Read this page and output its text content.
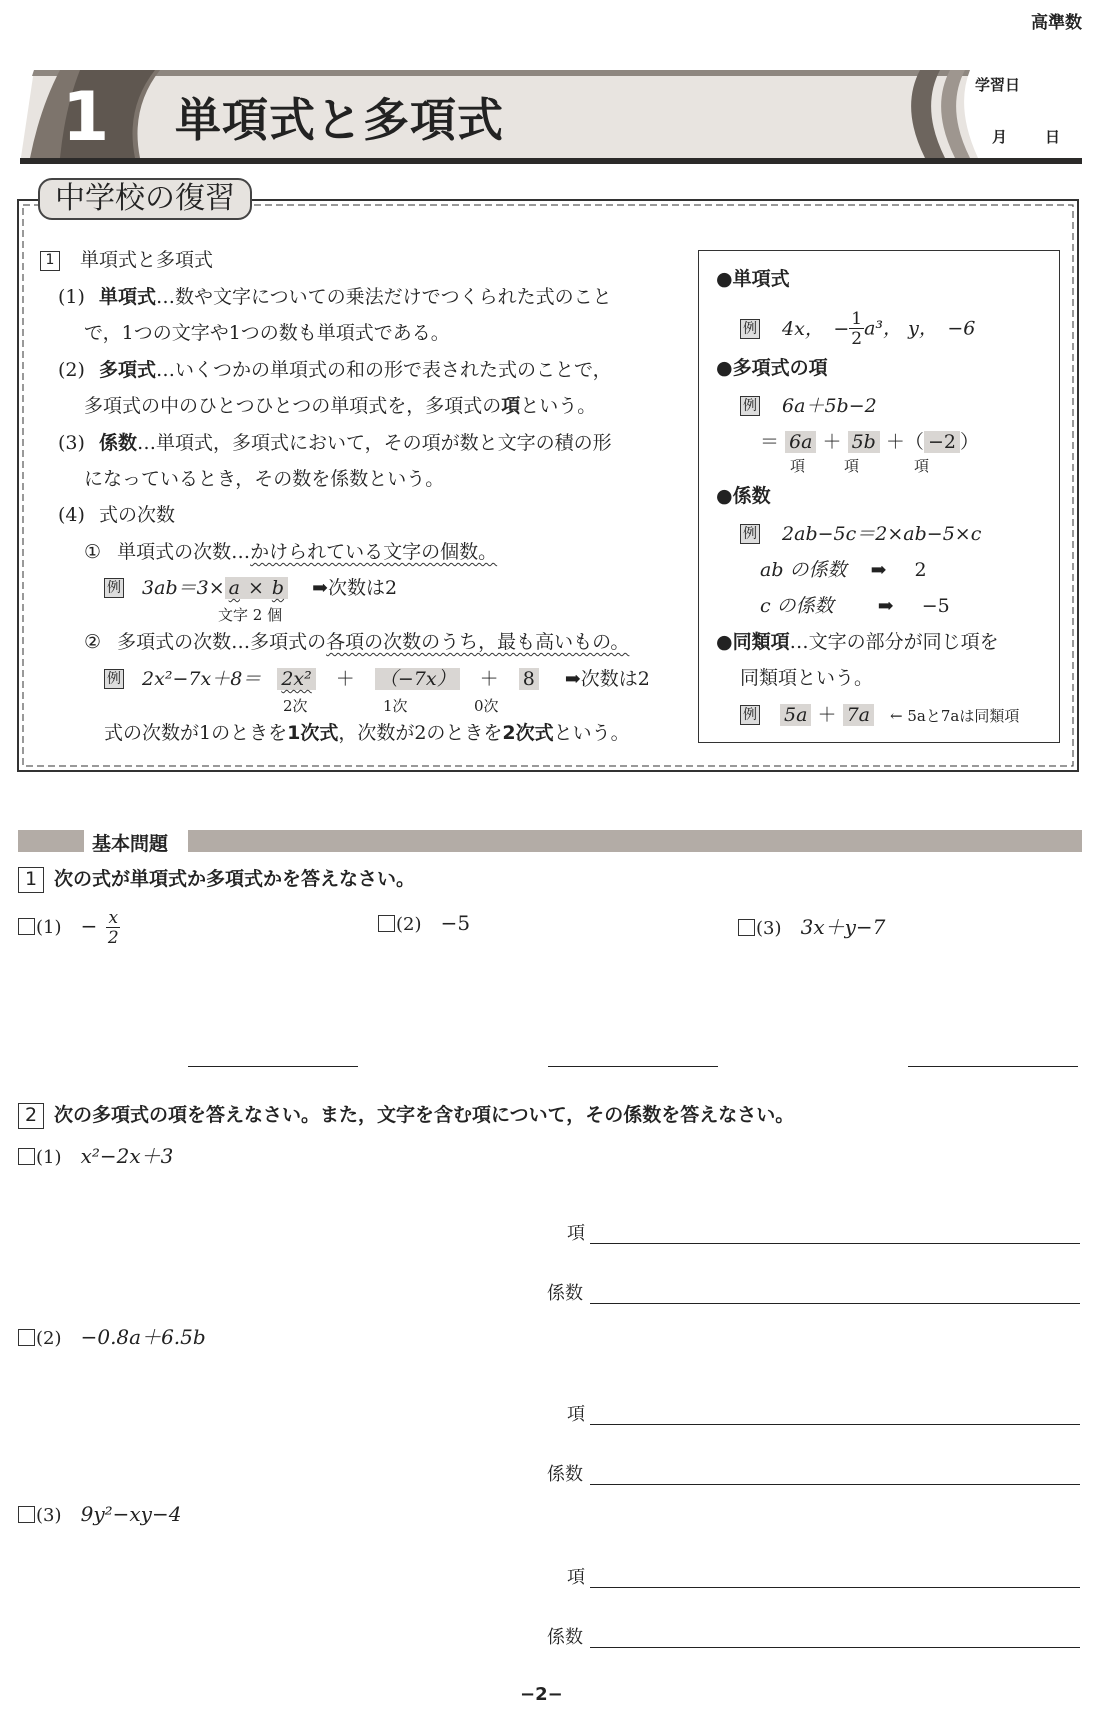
高準数
1 単項式と多項式
学習日
月	日
中学校の復習
1 単項式と多項式
(1) 単項式…数や文字についての乗法だけでつくられた式のこと
で，1つの文字や1つの数も単項式である。
(2) 多項式…いくつかの単項式の和の形で表された式のことで，
多項式の中のひとつひとつの単項式を，多項式の項という。
(3) 係数…単項式，多項式において，その項が数と文字の積の形
になっているとき，その数を係数という。
(4) 式の次数
① 単項式の次数…かけられている文字の個数。
例 3ab＝3× a × b ➡次数は2
文字 2 個
② 多項式の次数…多項式の各項の次数のうち，最も高いもの。
例 2x²−7x＋8＝ 2x² ＋ （−7x） ＋ 8 ➡次数は2
2次	1次	0次
式の次数が1のときを1次式，次数が2のときを2次式という。
●単項式
例 4x，　− $\frac{1}{2} a^3$， y，　−6
●多項式の項
例 6a＋5b−2
＝ 6a ＋ 5b ＋（ −2 ）
項	項	項
●係数
例 2ab−5c＝2×ab−5×c
ab の係数 ➡ 2
c の係数 ➡ −5
●同類項…文字の部分が同じ項を
同類項という。
例 5a ＋ 7a ← 5aと7aは同類項
基本問題
1 次の式が単項式か多項式かを答えなさい。
$(1) - \frac{x}{2}$	(2) −5	(3) 3x＋y−7
2 次の多項式の項を答えなさい。また，文字を含む項について，その係数を答えなさい。
(1) x²−2x＋3
項
係数
(2) −0.8a＋6.5b
項
係数
(3) 9y²−xy−4
項
係数
−2−
